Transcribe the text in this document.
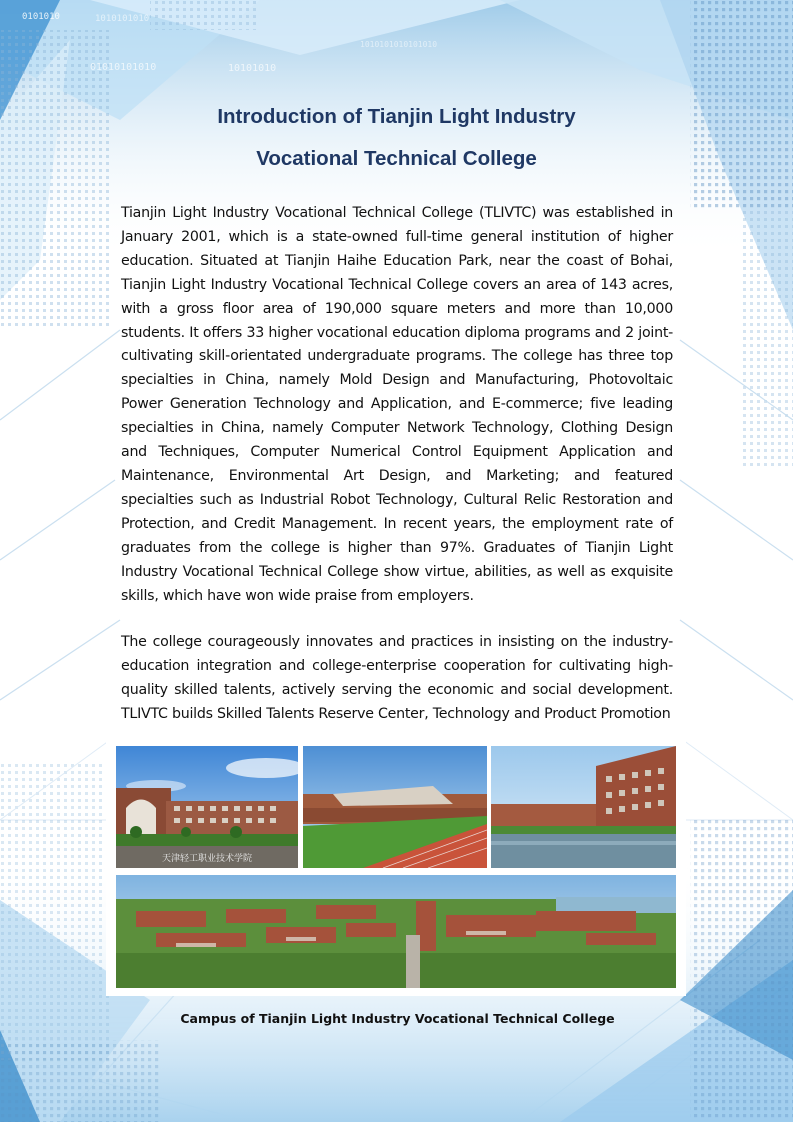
0101010	1010101010
01010101010
1010101010101010
10101010
Introduction of Tianjin Light Industry
Vocational Technical College
Tianjin Light Industry Vocational Technical College (TLIVTC) was established in January 2001, which is a state-owned full-time general institution of higher education. Situated at Tianjin Haihe Education Park, near the coast of Bohai, Tianjin Light Industry Vocational Technical College covers an area of 143 acres, with a gross floor area of 190,000 square meters and more than 10,000 students. It offers 33 higher vocational education diploma programs and 2 joint-cultivating skill-orientated undergraduate programs. The college has three top specialties in China, namely Mold Design and Manufacturing, Photovoltaic Power Generation Technology and Application, and E-commerce; five leading specialties in China, namely Computer Network Technology, Clothing Design and Techniques, Computer Numerical Control Equipment Application and Maintenance, Environmental Art Design, and Marketing; and featured specialties such as Industrial Robot Technology, Cultural Relic Restoration and Protection, and Credit Management. In recent years, the employment rate of graduates from the college is higher than 97%. Graduates of Tianjin Light Industry Vocational Technical College show virtue, abilities, as well as exquisite skills, which have won wide praise from employers.
The college courageously innovates and practices in insisting on the industry-education integration and college-enterprise cooperation for cultivating high-quality skilled talents, actively serving the economic and social development. TLIVTC builds Skilled Talents Reserve Center, Technology and Product Promotion
天津轻工职业技术学院
Campus of Tianjin Light Industry Vocational Technical College
